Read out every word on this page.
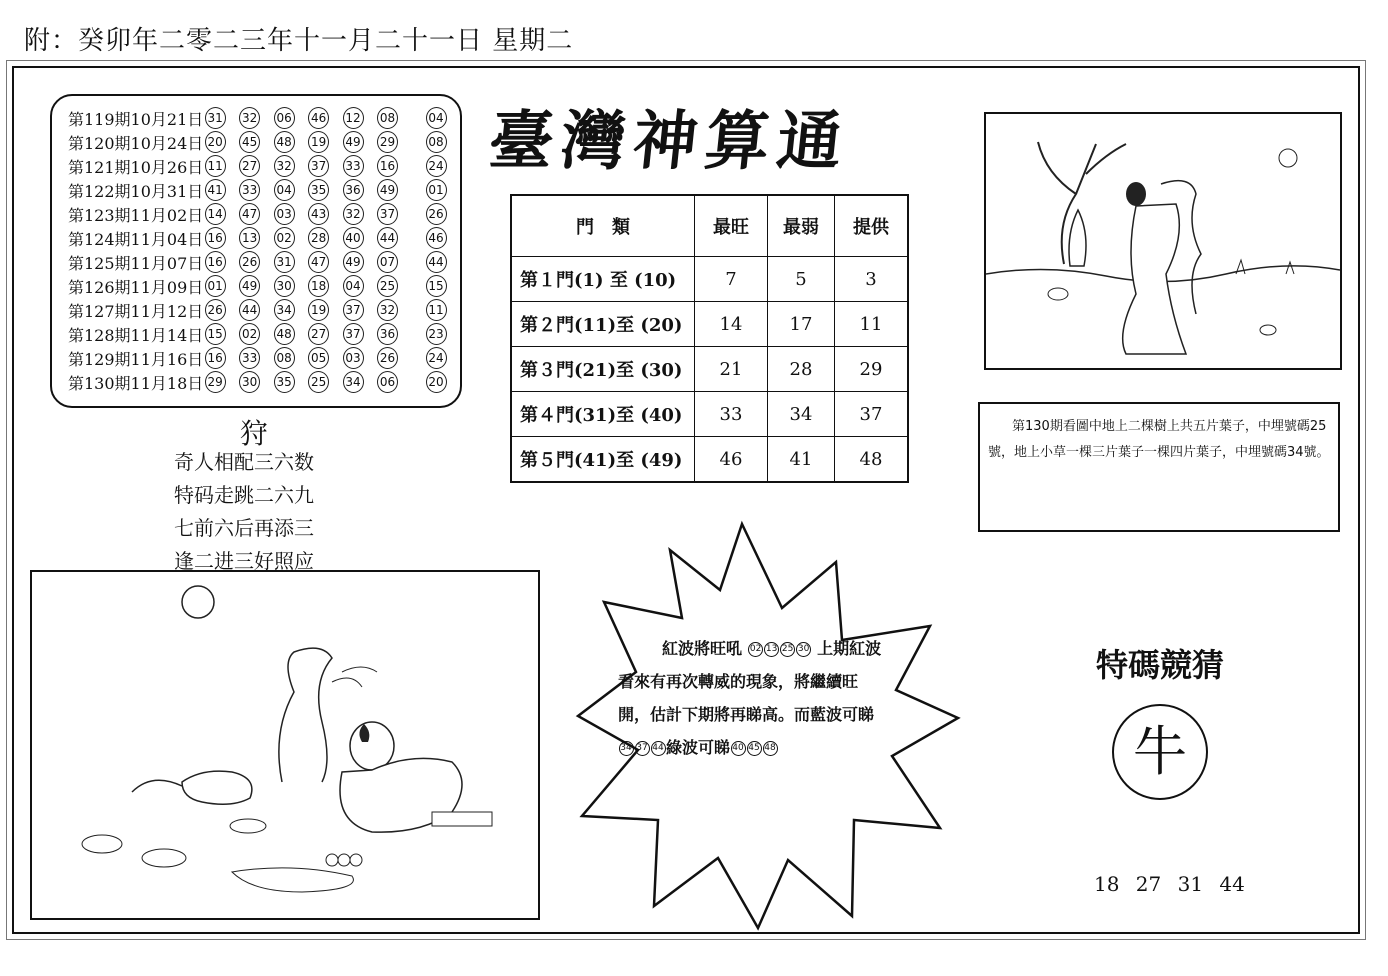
附：癸卯年二零二三年十一月二十一日 星期二
第119期10月21日 31 32 06 46 12 08	04
第120期10月24日 20 45 48 19 49 29	08
第121期10月26日 11 27 32 37 33 16	24
第122期10月31日 41 33 04 35 36 49	01
第123期11月02日 14 47 03 43 32 37	26
第124期11月04日 16 13 02 28 40 44	46
第125期11月07日 16 26 31 47 49 07	44
第126期11月09日 01 49 30 18 04 25	15
第127期11月12日 26 44 34 19 37 32	11
第128期11月14日 15 02 48 27 37 36	23
第129期11月16日 16 33 08 05 03 26	24
第130期11月18日 29 30 35 25 34 06	20
狩
奇人相配三六数
特码走跳二六九
七前六后再添三
逢二进三好照应
臺灣神算通
門　類	最旺	最弱	提供
第１門(1) 至 (10)	7	5	3
第２門(11)至 (20)	14	17	11
第３門(21)至 (30)	21	28	29
第４門(31)至 (40)	33	34	37
第５門(41)至 (49)	46	41	48
第130期看圖中地上二棵樹上共五片葉子，中埋號碼25號，地上小草一棵三片葉子一棵四片葉子，中埋號碼34號。
紅波將旺吼 02 13 25 30 上期紅波看來有再次轉威的現象，將繼續旺開，估計下期將再睇高。而藍波可睇34 37 44 綠波可睇 40 45 48
特碼競猜
牛
18 27 31 44
